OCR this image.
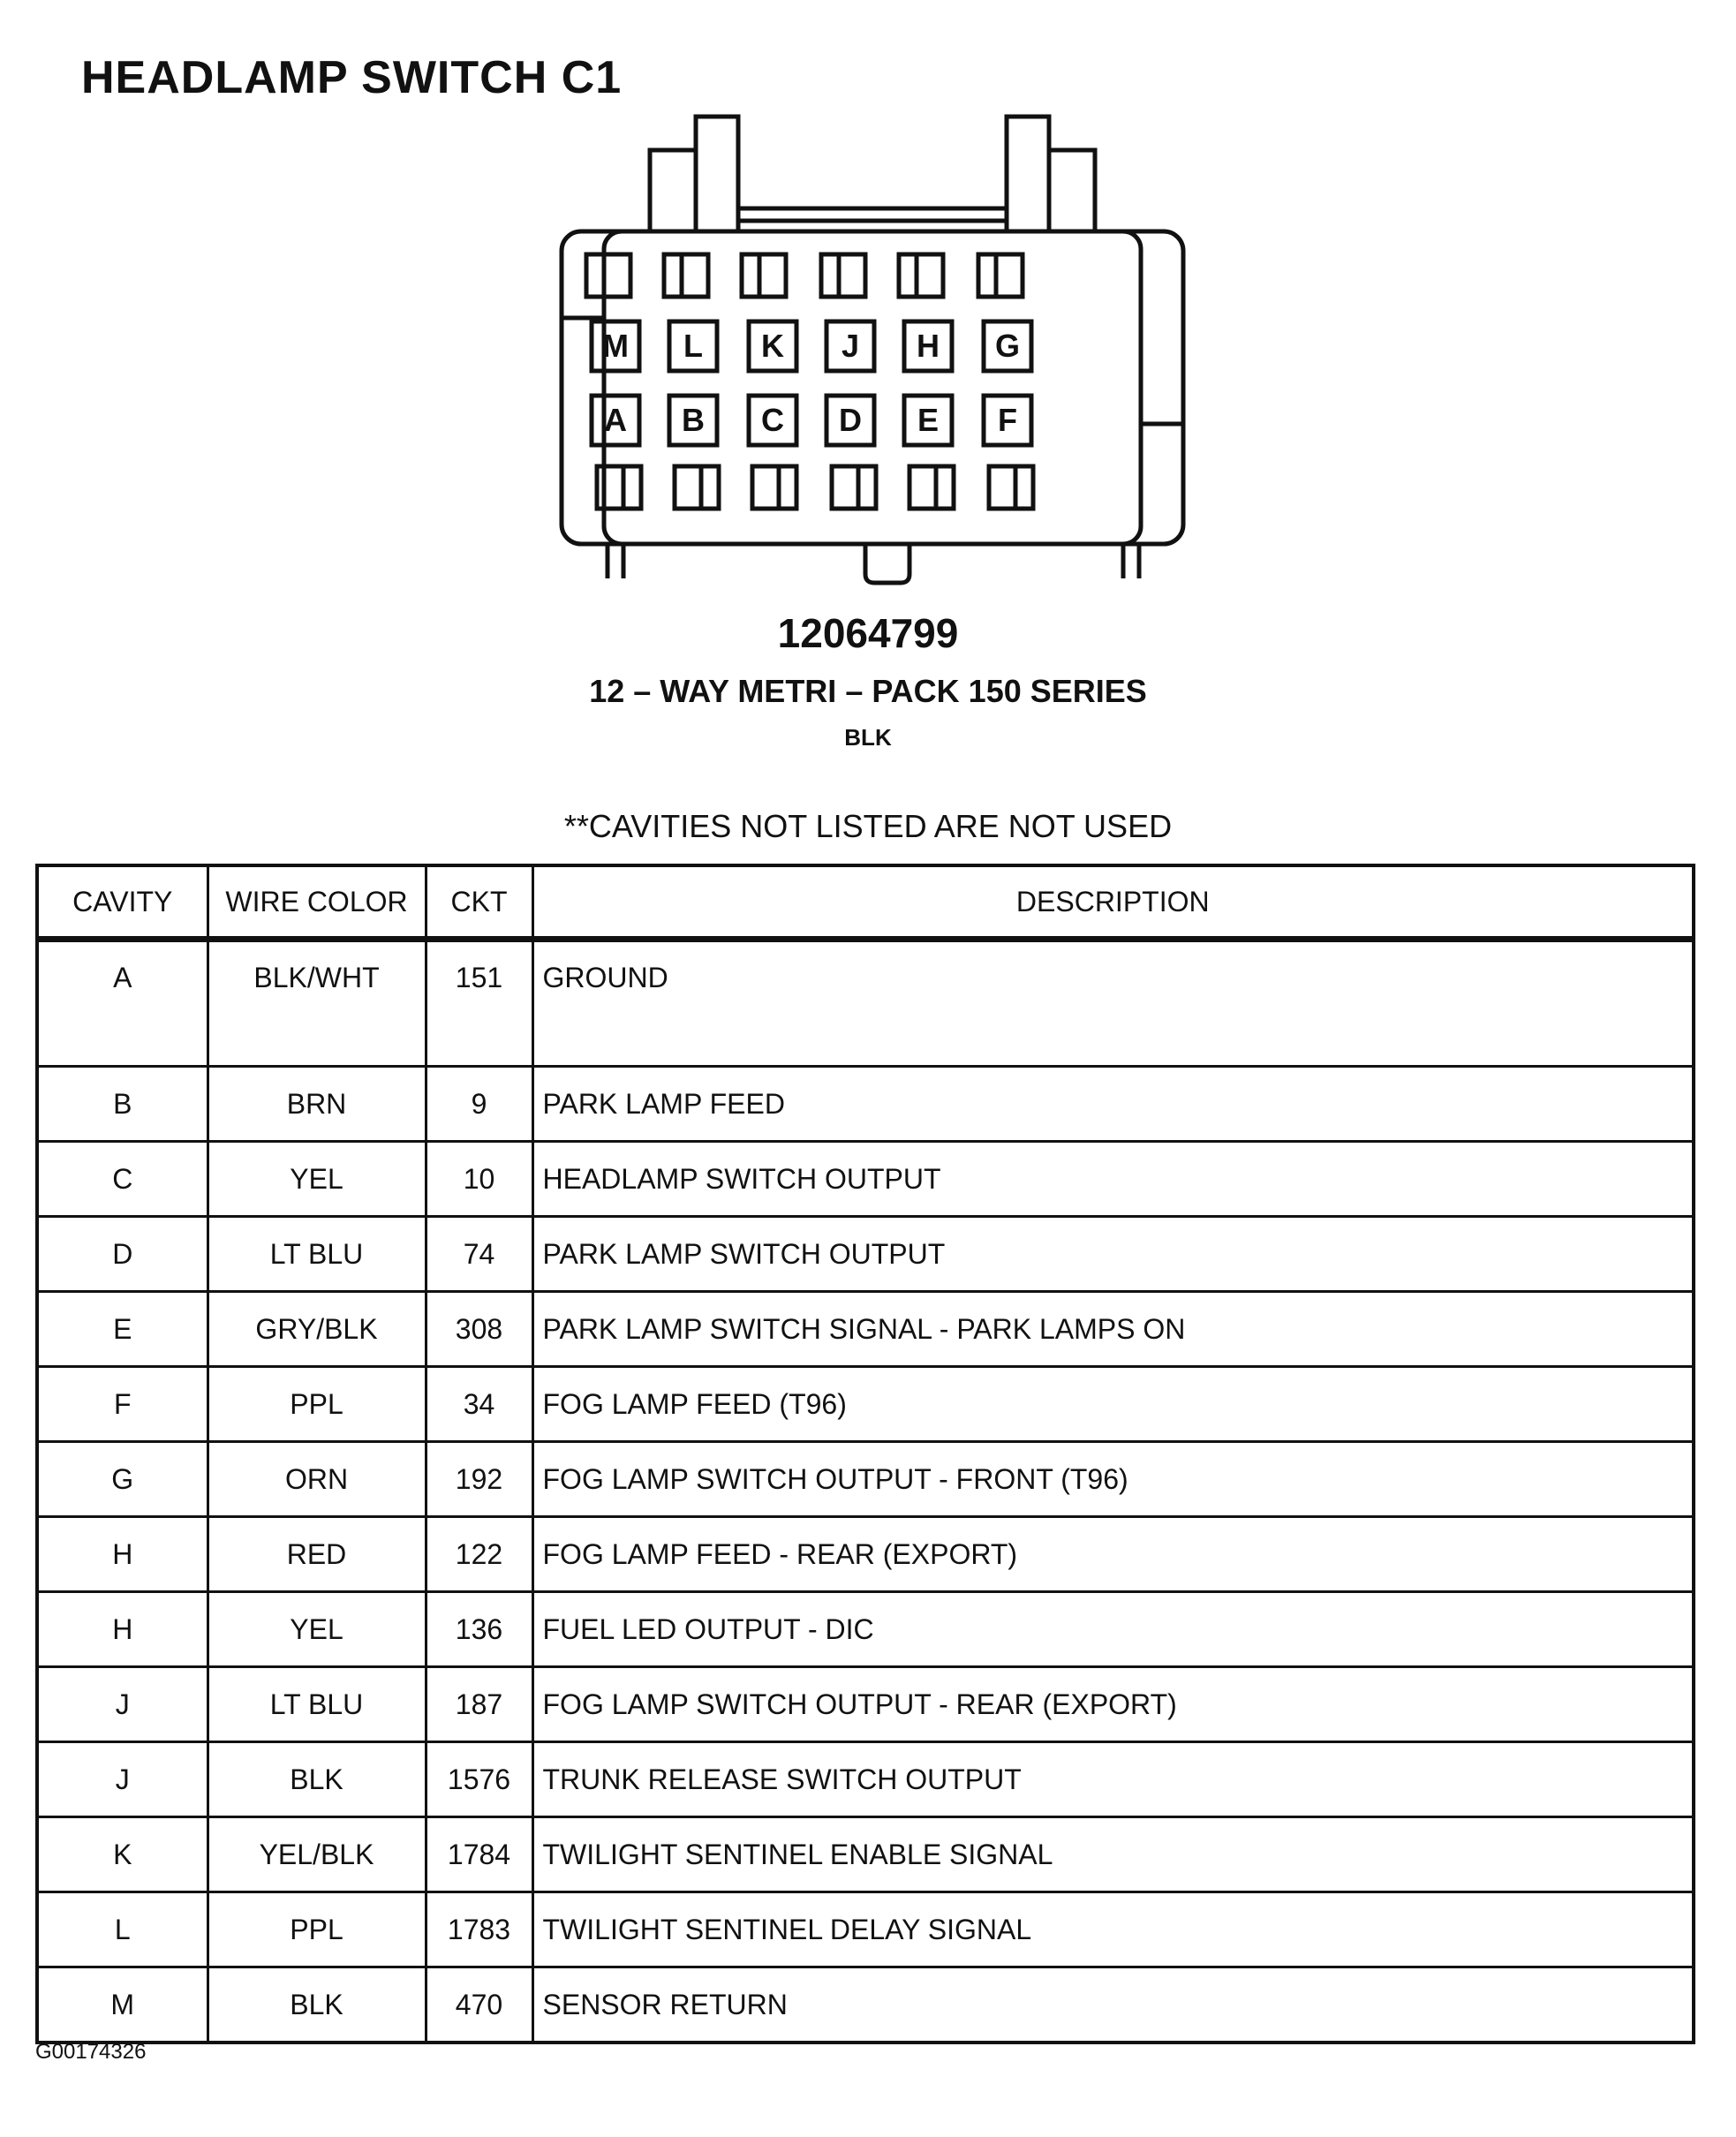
HEADLAMP SWITCH C1
M L K J H G
A B C D E F
12064799
12 – WAY METRI – PACK 150 SERIES
BLK
**CAVITIES NOT LISTED ARE NOT USED
CAVITY	WIRE COLOR	CKT	DESCRIPTION
A	BLK/WHT	151	GROUND
B	BRN	9	PARK LAMP FEED
C	YEL	10	HEADLAMP SWITCH OUTPUT
D	LT BLU	74	PARK LAMP SWITCH OUTPUT
E	GRY/BLK	308	PARK LAMP SWITCH SIGNAL - PARK LAMPS ON
F	PPL	34	FOG LAMP FEED (T96)
G	ORN	192	FOG LAMP SWITCH OUTPUT - FRONT (T96)
H	RED	122	FOG LAMP FEED - REAR (EXPORT)
H	YEL	136	FUEL LED OUTPUT - DIC
J	LT BLU	187	FOG LAMP SWITCH OUTPUT - REAR (EXPORT)
J	BLK	1576	TRUNK RELEASE SWITCH OUTPUT
K	YEL/BLK	1784	TWILIGHT SENTINEL ENABLE SIGNAL
L	PPL	1783	TWILIGHT SENTINEL DELAY SIGNAL
M	BLK	470	SENSOR RETURN
G00174326
